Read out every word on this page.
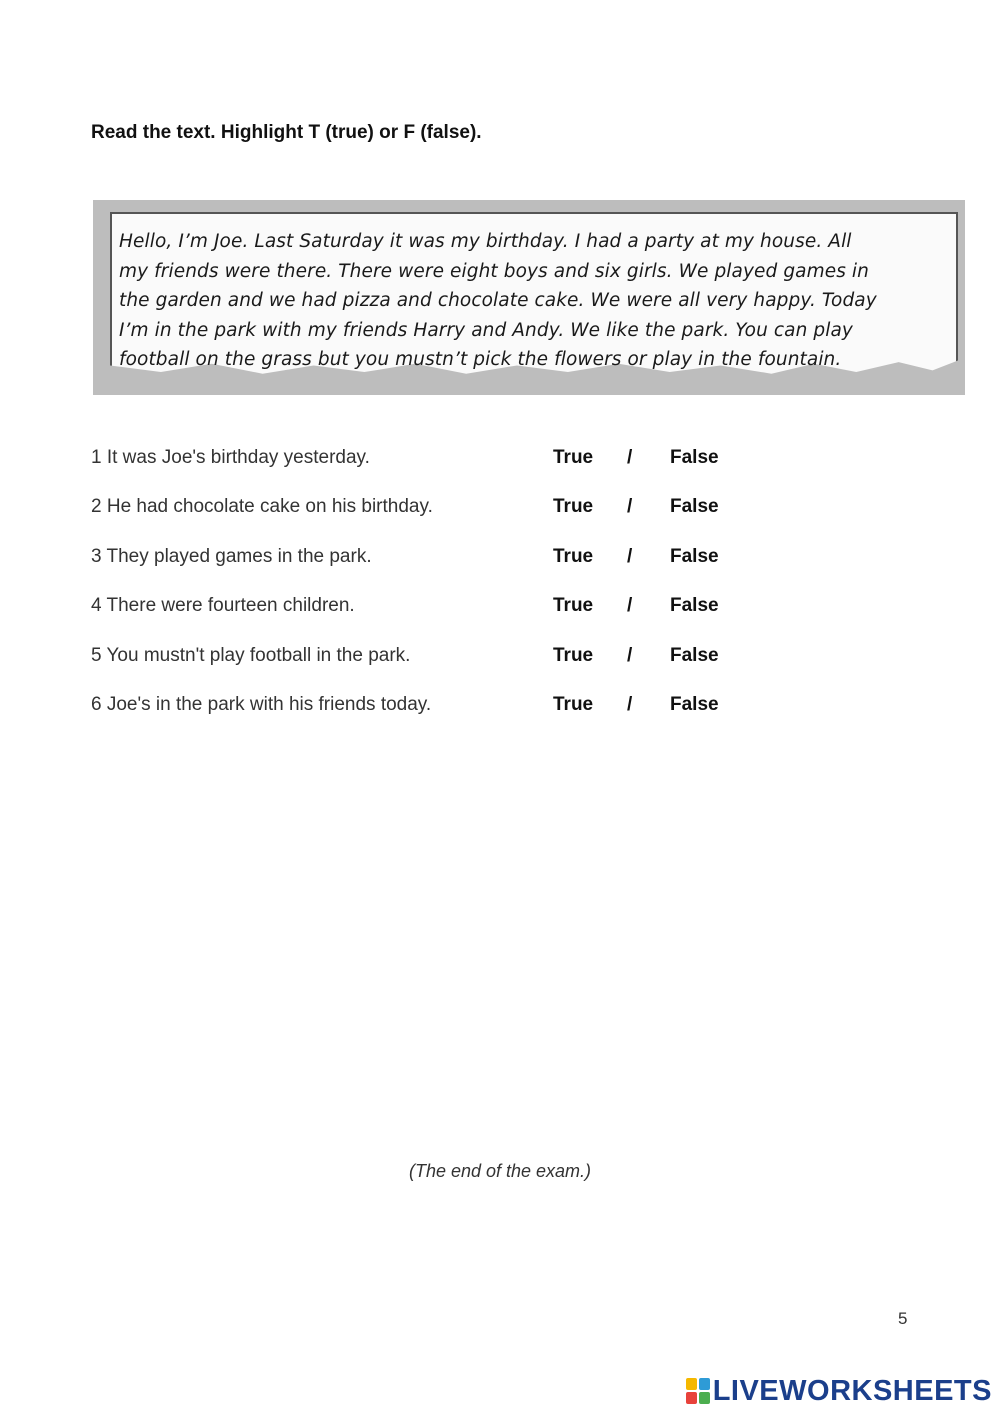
Read the text. Highlight T (true) or F (false).
Hello, I’m Joe. Last Saturday it was my birthday. I had a party at my house. All
my friends were there. There were eight boys and six girls. We played games in
the garden and we had pizza and chocolate cake. We were all very happy. Today
I’m in the park with my friends Harry and Andy. We like the park. You can play
football on the grass but you mustn’t pick the flowers or play in the fountain.
1 It was Joe's birthday yesterday.	True / False
2 He had chocolate cake on his birthday.	True / False
3 They played games in the park.	True / False
4 There were fourteen children.	True / False
5 You mustn't play football in the park.	True / False
6 Joe's in the park with his friends today.	True / False
(The end of the exam.)
5
LIVEWORKSHEETS
